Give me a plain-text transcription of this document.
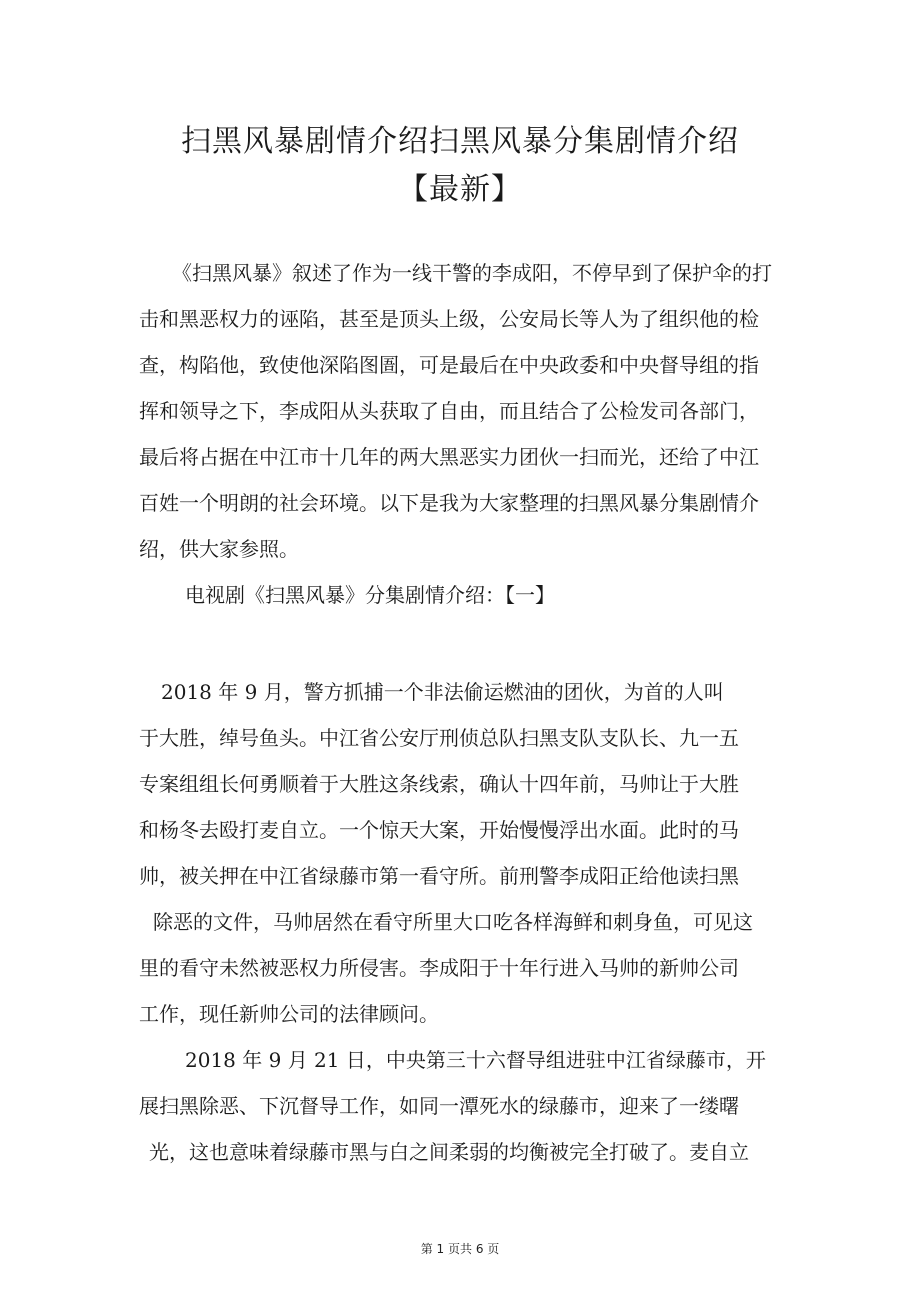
扫黑风暴剧情介绍扫黑风暴分集剧情介绍
【最新】

《扫黑风暴》叙述了作为一线干警的李成阳，不停早到了保护伞的打

击和黑恶权力的诬陷，甚至是顶头上级，公安局长等人为了组织他的检

查，构陷他，致使他深陷图圄，可是最后在中央政委和中央督导组的指

挥和领导之下，李成阳从头获取了自由，而且结合了公检发司各部门，

最后将占据在中江市十几年的两大黑恶实力团伙一扫而光，还给了中江

百姓一个明朗的社会环境。以下是我为大家整理的扫黑风暴分集剧情介

绍，供大家参照。

电视剧《扫黑风暴》分集剧情介绍：【一】

2018 年 9 月，警方抓捕一个非法偷运燃油的团伙，为首的人叫

于大胜，绰号鱼头。中江省公安厅刑侦总队扫黑支队支队长、九一五

专案组组长何勇顺着于大胜这条线索，确认十四年前，马帅让于大胜

和杨冬去殴打麦自立。一个惊天大案，开始慢慢浮出水面。此时的马

帅，被关押在中江省绿藤市第一看守所。前刑警李成阳正给他读扫黑

除恶的文件，马帅居然在看守所里大口吃各样海鲜和刺身鱼，可见这

里的看守未然被恶权力所侵害。李成阳于十年行进入马帅的新帅公司

工作，现任新帅公司的法律顾问。

2018 年 9 月 21 日，中央第三十六督导组进驻中江省绿藤市，开

展扫黑除恶、下沉督导工作，如同一潭死水的绿藤市，迎来了一缕曙

光，这也意味着绿藤市黑与白之间柔弱的均衡被完全打破了。麦自立

第 1 页共 6 页
